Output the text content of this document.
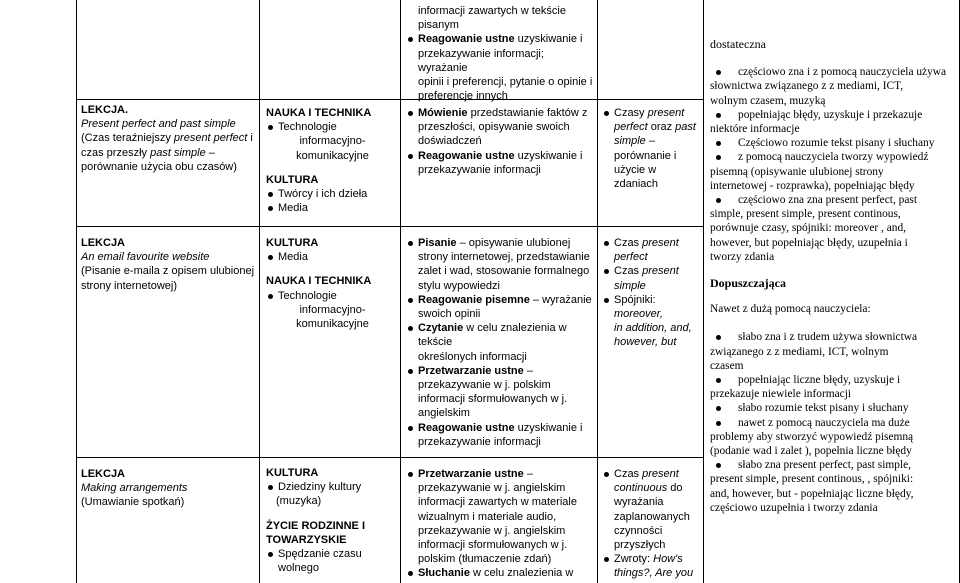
LEKCJA.
Present perfect and past simple
(Czas teraźniejszy present perfect i
czas przeszły past simple –
porównanie użycia obu czasów)
LEKCJA
An email favourite website
(Pisanie e-maila z opisem ulubionej
strony internetowej)
LEKCJA
Making arrangements
(Umawianie spotkań)
NAUKA I TECHNIKA
Technologie
informacyjno-
komunikacyjne
KULTURA
Twórcy i ich dzieła
Media
KULTURA
Media
NAUKA I TECHNIKA
Technologie
informacyjno-
komunikacyjne
KULTURA
Dziedziny kultury
(muzyka)
ŻYCIE RODZINNE I
TOWARZYSKIE
Spędzanie czasu wolnego
informacji zawartych w tekście
pisanym
Reagowanie ustne uzyskiwanie i
przekazywanie informacji; wyrażanie
opinii i preferencji, pytanie o opinie i
preferencje innych
Mówienie przedstawianie faktów z
przeszłości, opisywanie swoich
doświadczeń
Reagowanie ustne uzyskiwanie i
przekazywanie informacji
Pisanie – opisywanie ulubionej
strony internetowej, przedstawianie
zalet i wad, stosowanie formalnego
stylu wypowiedzi
Reagowanie pisemne – wyrażanie
swoich opinii
Czytanie w celu znalezienia w tekście
określonych informacji
Przetwarzanie ustne –
przekazywanie w j. polskim
informacji sformułowanych w j.
angielskim
Reagowanie ustne uzyskiwanie i
przekazywanie informacji
Przetwarzanie ustne –
przekazywanie w j. angielskim
informacji zawartych w materiale
wizualnym i materiale audio,
przekazywanie w j. angielskim
informacji sformułowanych w j.
polskim (tłumaczenie zdań)
Słuchanie w celu znalezienia w
Czasy present
perfect oraz past
simple –
porównanie i
użycie w zdaniach
Czas present
perfect
Czas present simple
Spójniki: moreover,
in addition, and,
however, but
Czas present
continuous do
wyrażania
zaplanowanych
czynności
przyszłych
Zwroty: How's
things?, Are you
dostateczna
częściowo zna i z pomocą nauczyciela używa
słownictwa związanego z z mediami, ICT,
wolnym czasem, muzyką
popełniając błędy, uzyskuje i przekazuje
niektóre informacje
Częściowo rozumie tekst pisany i słuchany
z pomocą nauczyciela tworzy wypowiedź
pisemną (opisywanie ulubionej strony
internetowej - rozprawka), popełniając błędy
częściowo zna zna present perfect, past
simple, present simple, present continous,
porównuje czasy, spójniki: moreover , and,
however, but popełniając błędy, uzupełnia i
tworzy zdania
Dopuszczająca
Nawet z dużą pomocą nauczyciela:
słabo zna i z trudem używa słownictwa
związanego z z mediami, ICT, wolnym
czasem
popełniając liczne błędy, uzyskuje i
przekazuje niewiele informacji
słabo rozumie tekst pisany i słuchany
nawet z pomocą nauczyciela ma duże
problemy aby stworzyć wypowiedź pisemną
(podanie wad i zalet ), popełnia liczne błędy
słabo zna present perfect, past simple,
present simple, present continous, , spójniki:
and, however, but - popełniając liczne błędy,
częściowo uzupełnia i tworzy zdania
